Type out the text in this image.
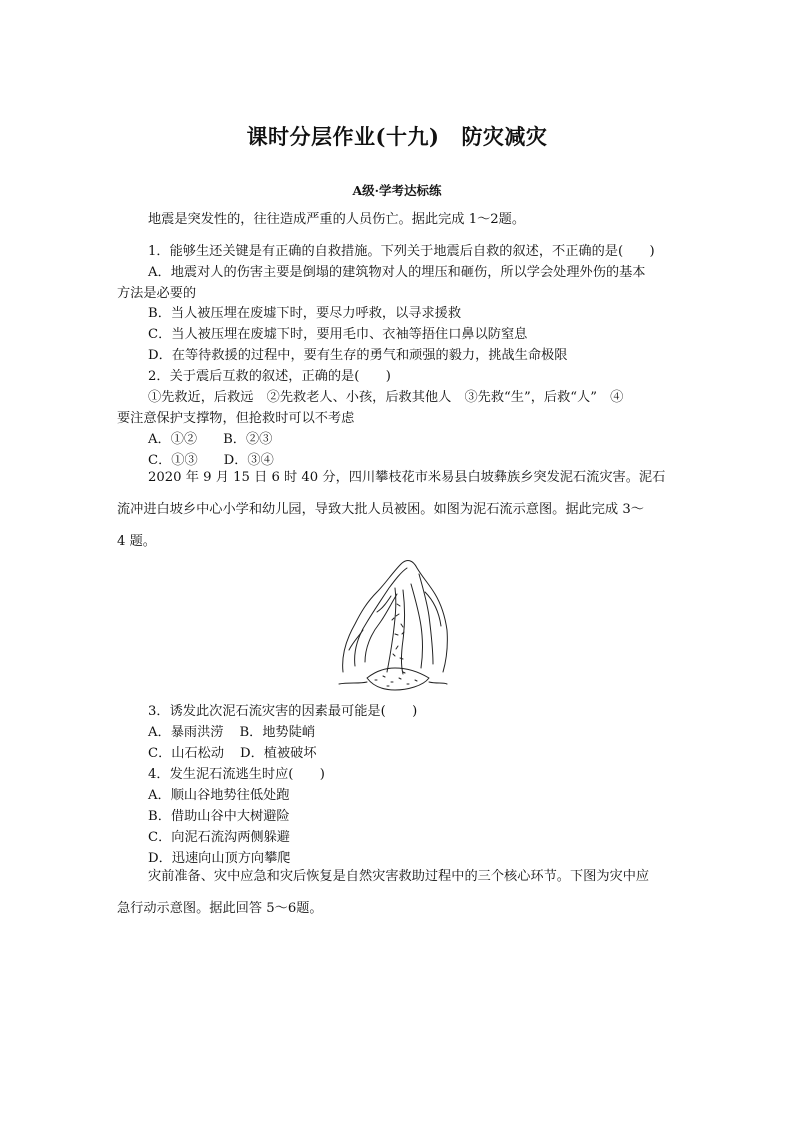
课时分层作业(十九) 防灾减灾
A级·学考达标练
地震是突发性的，往往造成严重的人员伤亡。据此完成 1～2题。
1．能够生还关键是有正确的自救措施。下列关于地震后自救的叙述，不正确的是(　　)
A．地震对人的伤害主要是倒塌的建筑物对人的埋压和砸伤，所以学会处理外伤的基本
方法是必要的
B．当人被压埋在废墟下时，要尽力呼救，以寻求援救
C．当人被压埋在废墟下时，要用毛巾、衣袖等捂住口鼻以防窒息
D．在等待救援的过程中，要有生存的勇气和顽强的毅力，挑战生命极限
2．关于震后互救的叙述，正确的是(　　)
①先救近，后救远　②先救老人、小孩，后救其他人　③先救“生”，后救“人”　④
要注意保护支撑物，但抢救时可以不考虑
A．①② B．②③
C．①③ D．③④
2020 年 9 月 15 日 6 时 40 分，四川攀枝花市米易县白坡彝族乡突发泥石流灾害。泥石
流冲进白坡乡中心小学和幼儿园，导致大批人员被困。如图为泥石流示意图。据此完成 3～
4 题。
3．诱发此次泥石流灾害的因素最可能是(　　)
A．暴雨洪涝 B．地势陡峭
C．山石松动 D．植被破坏
4．发生泥石流逃生时应(　　)
A．顺山谷地势往低处跑
B．借助山谷中大树避险
C．向泥石流沟两侧躲避
D．迅速向山顶方向攀爬
灾前准备、灾中应急和灾后恢复是自然灾害救助过程中的三个核心环节。下图为灾中应
急行动示意图。据此回答 5～6题。
